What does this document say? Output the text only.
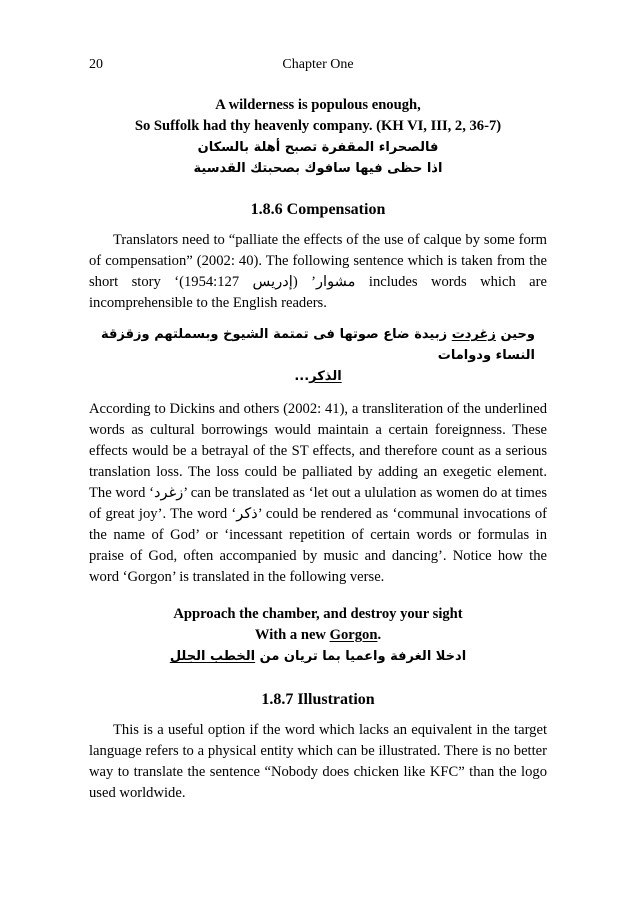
20	Chapter One
A wilderness is populous enough,
So Suffolk had thy heavenly company. (KH VI, III, 2, 36-7)
فالصحراء المقفرة تصبح أهلة بالسكان
اذا حظى فيها سافوك بصحبتك القدسية
1.8.6 Compensation

Translators need to “palliate the effects of the use of calque by some form of compensation” (2002: 40). The following sentence which is taken from the short story ‘مشوار’ (إدريس 1954:127) includes words which are incomprehensible to the English readers.

وحين زغردت زبيدة ضاع صوتها فى تمتمة الشيوخ وبسملتهم وزقزقة النساء ودوامات
الذكر...

According to Dickins and others (2002: 41), a transliteration of the underlined words as cultural borrowings would maintain a certain foreignness. These effects would be a betrayal of the ST effects, and therefore count as a serious translation loss. The loss could be palliated by adding an exegetic element. The word ‘زغرد’ can be translated as ‘let out a ululation as women do at times of great joy’. The word ‘ذكر’ could be rendered as ‘communal invocations of the name of God’ or ‘incessant repetition of certain words or formulas in praise of God, often accompanied by music and dancing’. Notice how the word ‘Gorgon’ is translated in the following verse.

Approach the chamber, and destroy your sight
With a new Gorgon.
ادخلا الغرفة واعميا بما تريان من الخطب الجلل
1.8.7 Illustration

This is a useful option if the word which lacks an equivalent in the target language refers to a physical entity which can be illustrated. There is no better way to translate the sentence “Nobody does chicken like KFC” than the logo used worldwide.
